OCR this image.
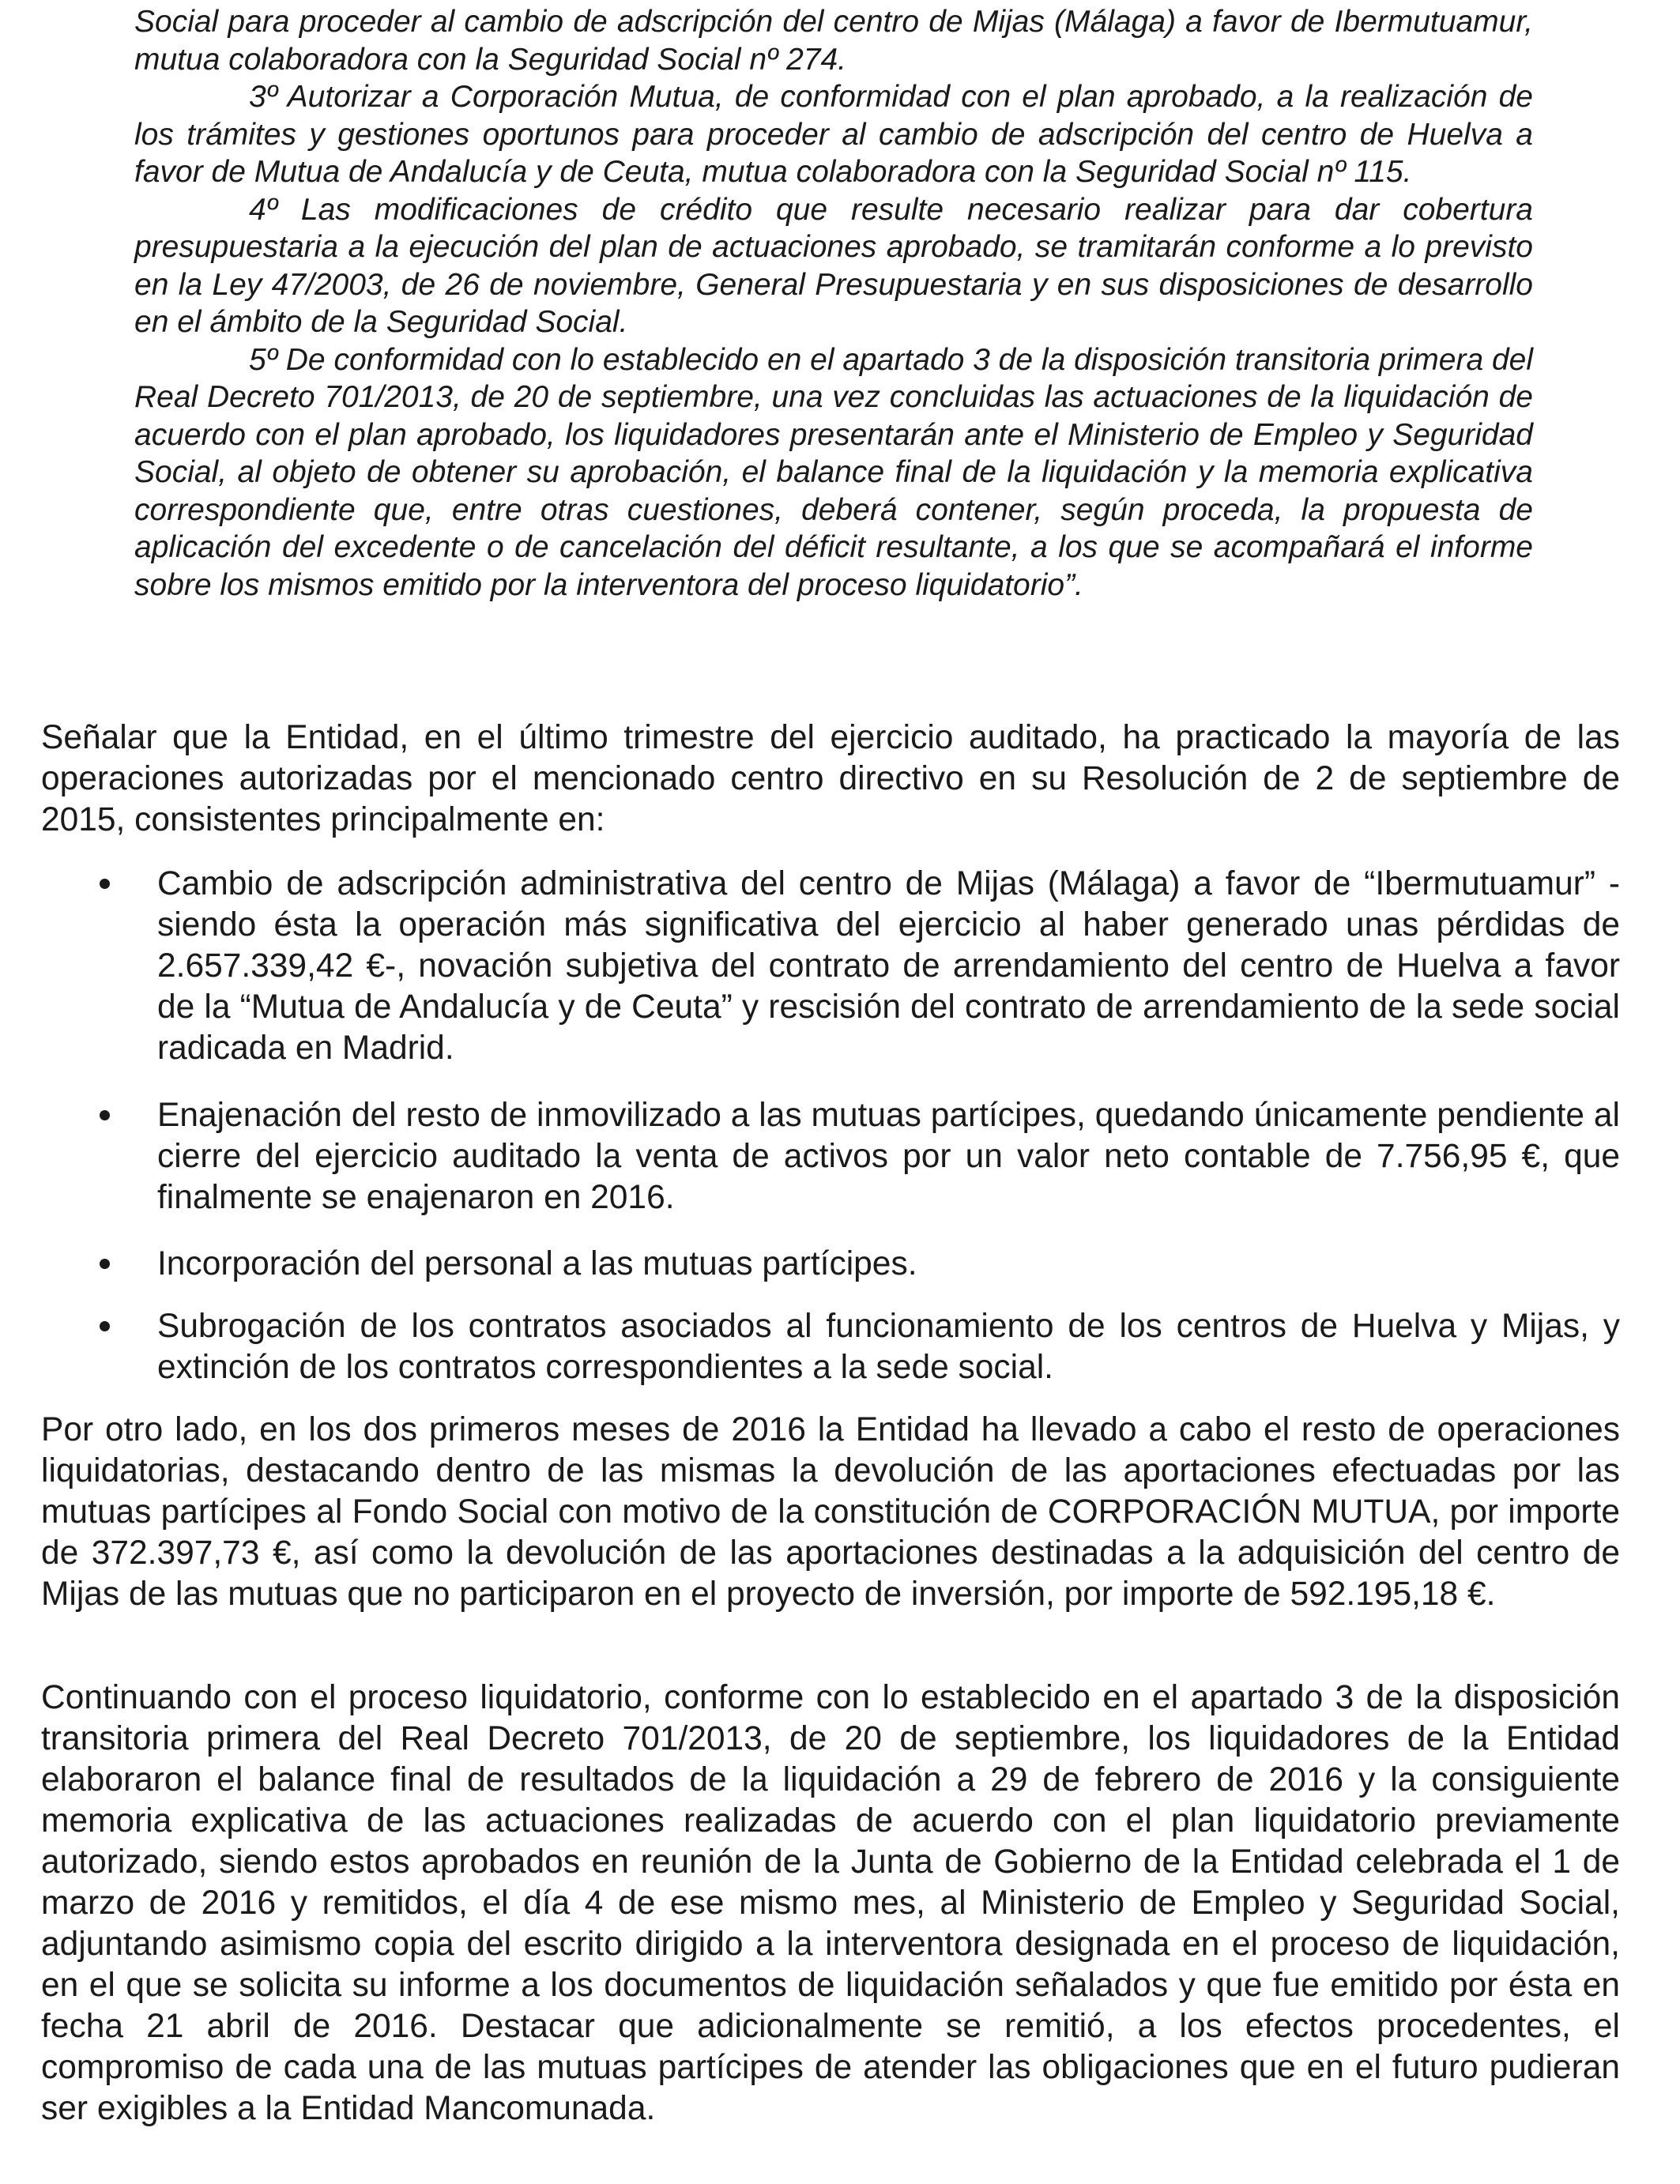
Social para proceder al cambio de adscripción del centro de Mijas (Málaga) a favor de Ibermutuamur, mutua colaboradora con la Seguridad Social nº 274.

3º Autorizar a Corporación Mutua, de conformidad con el plan aprobado, a la realización de los trámites y gestiones oportunos para proceder al cambio de adscripción del centro de Huelva a favor de Mutua de Andalucía y de Ceuta, mutua colaboradora con la Seguridad Social nº 115.

4º Las modificaciones de crédito que resulte necesario realizar para dar cobertura presupuestaria a la ejecución del plan de actuaciones aprobado, se tramitarán conforme a lo previsto en la Ley 47/2003, de 26 de noviembre, General Presupuestaria y en sus disposiciones de desarrollo en el ámbito de la Seguridad Social.

5º De conformidad con lo establecido en el apartado 3 de la disposición transitoria primera del Real Decreto 701/2013, de 20 de septiembre, una vez concluidas las actuaciones de la liquidación de acuerdo con el plan aprobado, los liquidadores presentarán ante el Ministerio de Empleo y Seguridad Social, al objeto de obtener su aprobación, el balance final de la liquidación y la memoria explicativa correspondiente que, entre otras cuestiones, deberá contener, según proceda, la propuesta de aplicación del excedente o de cancelación del déficit resultante, a los que se acompañará el informe sobre los mismos emitido por la interventora del proceso liquidatorio”.

Señalar que la Entidad, en el último trimestre del ejercicio auditado, ha practicado la mayoría de las operaciones autorizadas por el mencionado centro directivo en su Resolución de 2 de septiembre de 2015, consistentes principalmente en:

Cambio de adscripción administrativa del centro de Mijas (Málaga) a favor de “Ibermutuamur” -siendo ésta la operación más significativa del ejercicio al haber generado unas pérdidas de 2.657.339,42 €-, novación subjetiva del contrato de arrendamiento del centro de Huelva a favor de la “Mutua de Andalucía y de Ceuta” y rescisión del contrato de arrendamiento de la sede social radicada en Madrid.
Enajenación del resto de inmovilizado a las mutuas partícipes, quedando únicamente pendiente al cierre del ejercicio auditado la venta de activos por un valor neto contable de 7.756,95 €, que finalmente se enajenaron en 2016.
Incorporación del personal a las mutuas partícipes.
Subrogación de los contratos asociados al funcionamiento de los centros de Huelva y Mijas, y extinción de los contratos correspondientes a la sede social.

Por otro lado, en los dos primeros meses de 2016 la Entidad ha llevado a cabo el resto de operaciones liquidatorias, destacando dentro de las mismas la devolución de las aportaciones efectuadas por las mutuas partícipes al Fondo Social con motivo de la constitución de CORPORACIÓN MUTUA, por importe de 372.397,73 €, así como la devolución de las aportaciones destinadas a la adquisición del centro de Mijas de las mutuas que no participaron en el proyecto de inversión, por importe de 592.195,18 €.

Continuando con el proceso liquidatorio, conforme con lo establecido en el apartado 3 de la disposición transitoria primera del Real Decreto 701/2013, de 20 de septiembre, los liquidadores de la Entidad elaboraron el balance final de resultados de la liquidación a 29 de febrero de 2016 y la consiguiente memoria explicativa de las actuaciones realizadas de acuerdo con el plan liquidatorio previamente autorizado, siendo estos aprobados en reunión de la Junta de Gobierno de la Entidad celebrada el 1 de marzo de 2016 y remitidos, el día 4 de ese mismo mes, al Ministerio de Empleo y Seguridad Social, adjuntando asimismo copia del escrito dirigido a la interventora designada en el proceso de liquidación, en el que se solicita su informe a los documentos de liquidación señalados y que fue emitido por ésta en fecha 21 abril de 2016. Destacar que adicionalmente se remitió, a los efectos procedentes, el compromiso de cada una de las mutuas partícipes de atender las obligaciones que en el futuro pudieran ser exigibles a la Entidad Mancomunada.
